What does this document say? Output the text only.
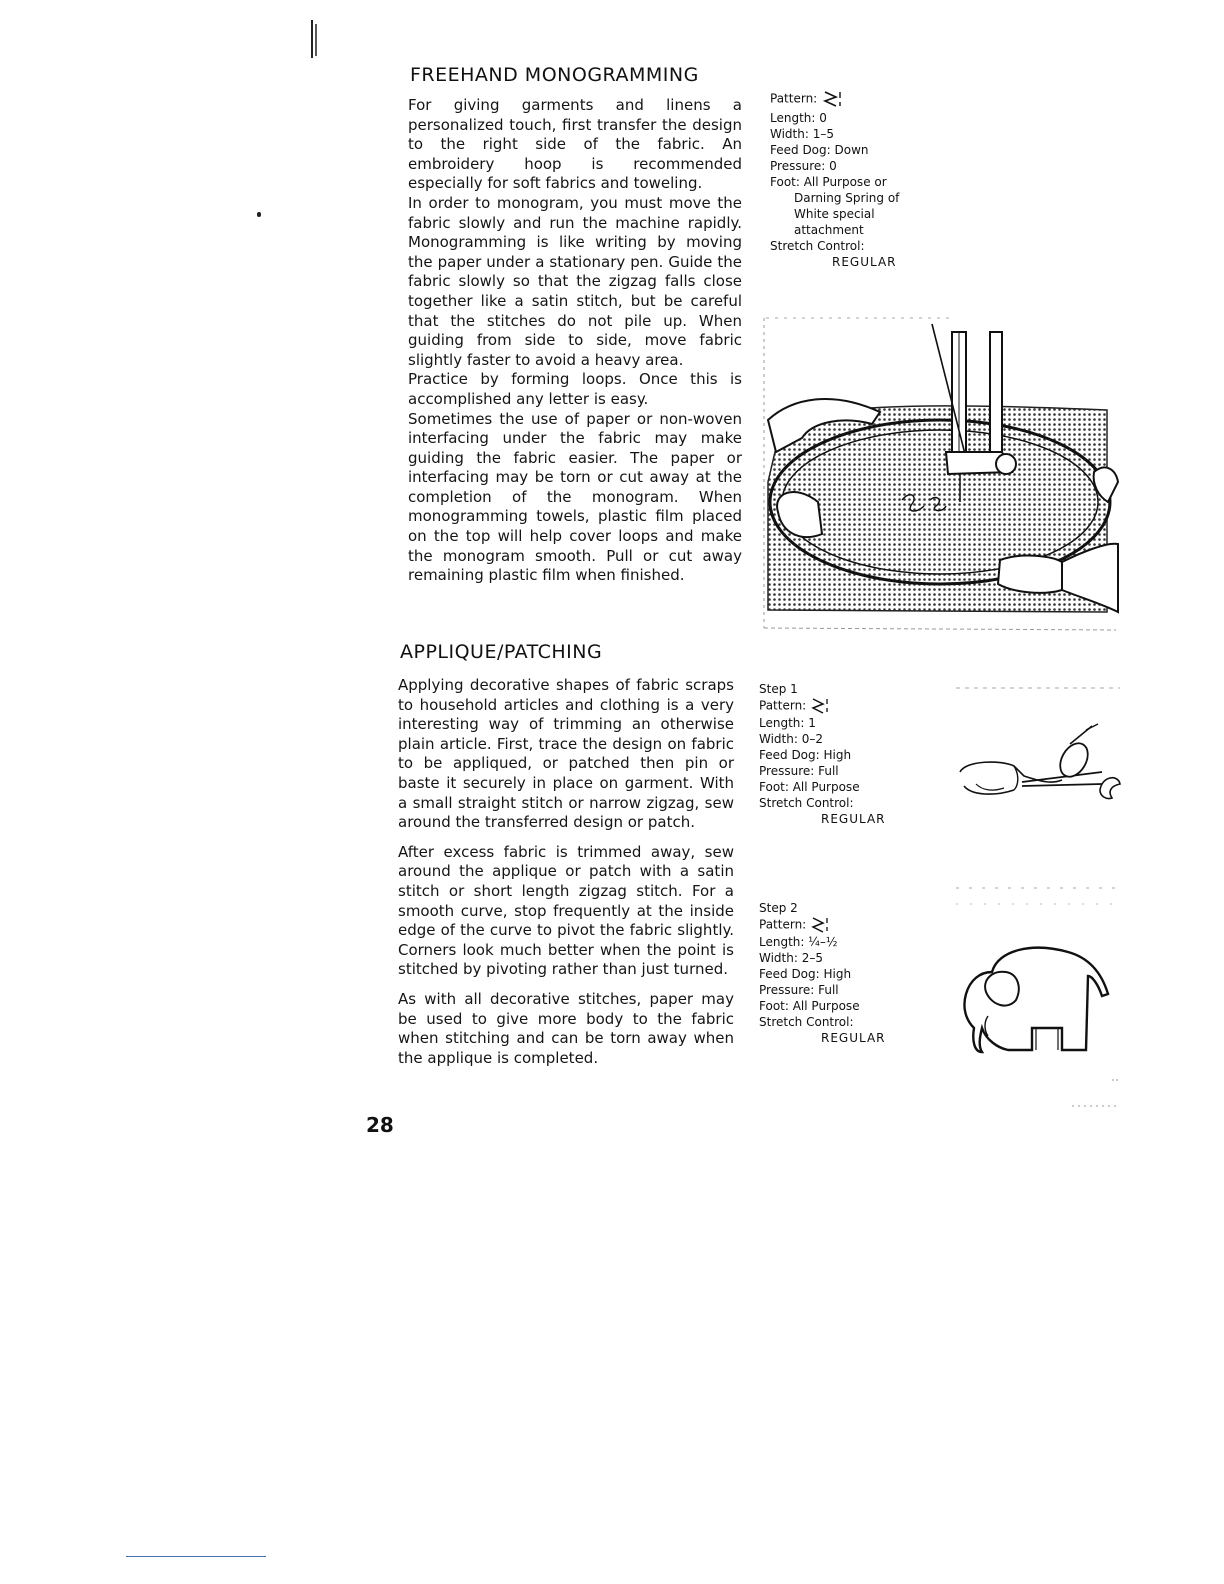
FREEHAND MONOGRAMMING

For giving garments and linens a personalized touch, first transfer the design to the right side of the fabric. An embroidery hoop is recommended especially for soft fabrics and toweling.

In order to monogram, you must move the fabric slowly and run the machine rapidly. Monogramming is like writing by moving the paper under a stationary pen. Guide the fabric slowly so that the zigzag falls close together like a satin stitch, but be careful that the stitches do not pile up. When guiding from side to side, move fabric slightly faster to avoid a heavy area.

Practice by forming loops. Once this is accomplished any letter is easy.

Sometimes the use of paper or non-woven interfacing under the fabric may make guiding the fabric easier. The paper or interfacing may be torn or cut away at the completion of the monogram. When monogramming towels, plastic film placed on the top will help cover loops and make the monogram smooth. Pull or cut away remaining plastic film when finished.

Pattern:
Length: 0
Width: 1–5
Feed Dog: Down
Pressure: 0
Foot: All Purpose or
Darning Spring of
White special
attachment
Stretch Control:
REGULAR
APPLIQUE/PATCHING

Applying decorative shapes of fabric scraps to household articles and clothing is a very interesting way of trimming an otherwise plain article. First, trace the design on fabric to be appliqued, or patched then pin or baste it securely in place on garment. With a small straight stitch or narrow zigzag, sew around the transferred design or patch.

After excess fabric is trimmed away, sew around the applique or patch with a satin stitch or short length zigzag stitch. For a smooth curve, stop frequently at the inside edge of the curve to pivot the fabric slightly. Corners look much better when the point is stitched by pivoting rather than just turned.

As with all decorative stitches, paper may be used to give more body to the fabric when stitching and can be torn away when the applique is completed.

Step 1
Pattern:
Length: 1
Width: 0–2
Feed Dog: High
Pressure: Full
Foot: All Purpose
Stretch Control:
REGULAR
Step 2
Pattern:
Length: ¼–½
Width: 2–5
Feed Dog: High
Pressure: Full
Foot: All Purpose
Stretch Control:
REGULAR
28
